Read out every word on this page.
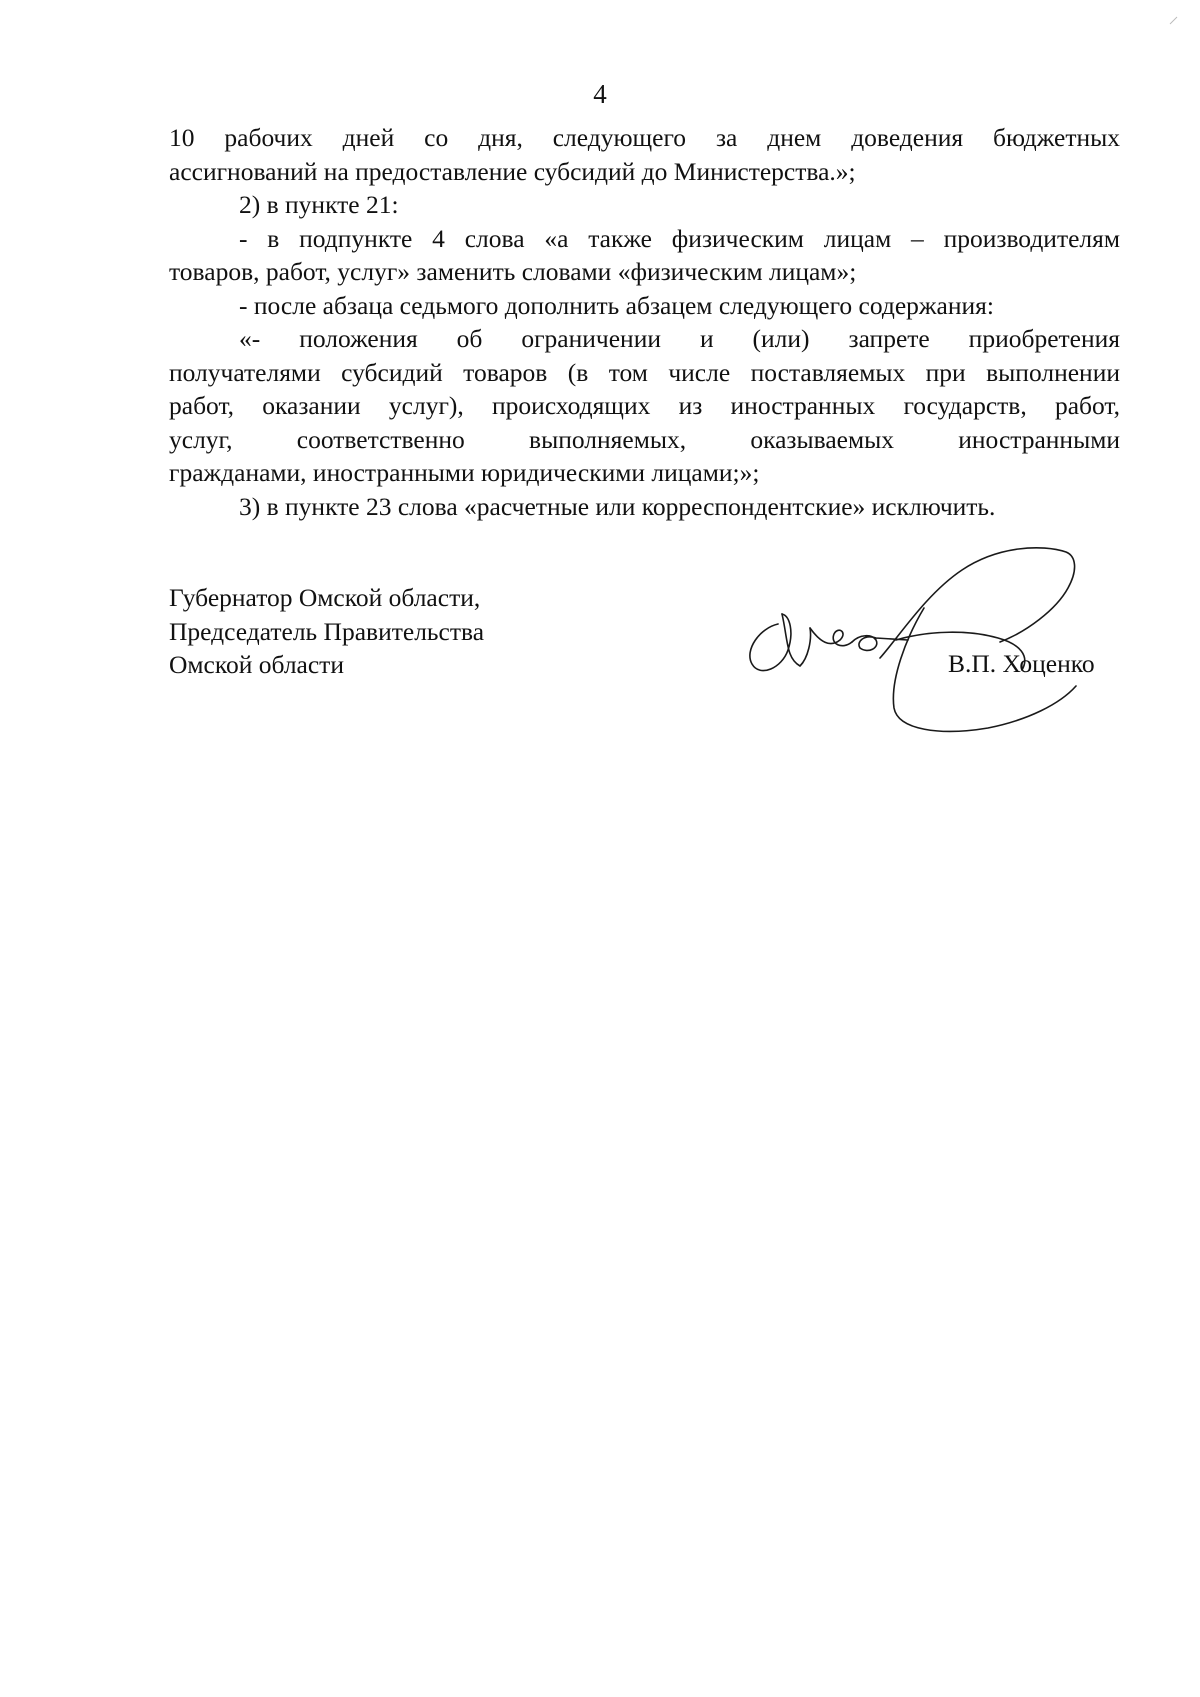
4

10 рабочих дней со дня, следующего за днем доведения бюджетных
ассигнований на предоставление субсидий до Министерства.»;

2) в пункте 21:

- в подпункте 4 слова «а также физическим лицам – производителям
товаров, работ, услуг» заменить словами «физическим лицам»;

- после абзаца седьмого дополнить абзацем следующего содержания:

«- положения об ограничении и (или) запрете приобретения
получателями субсидий товаров (в том числе поставляемых при выполнении
работ, оказании услуг), происходящих из иностранных государств, работ,
услуг, соответственно выполняемых, оказываемых иностранными
гражданами, иностранными юридическими лицами;»;

3) в пункте 23 слова «расчетные или корреспондентские» исключить.

Губернатор Омской области,
Председатель Правительства
Омской области	В.П. Хоценко
